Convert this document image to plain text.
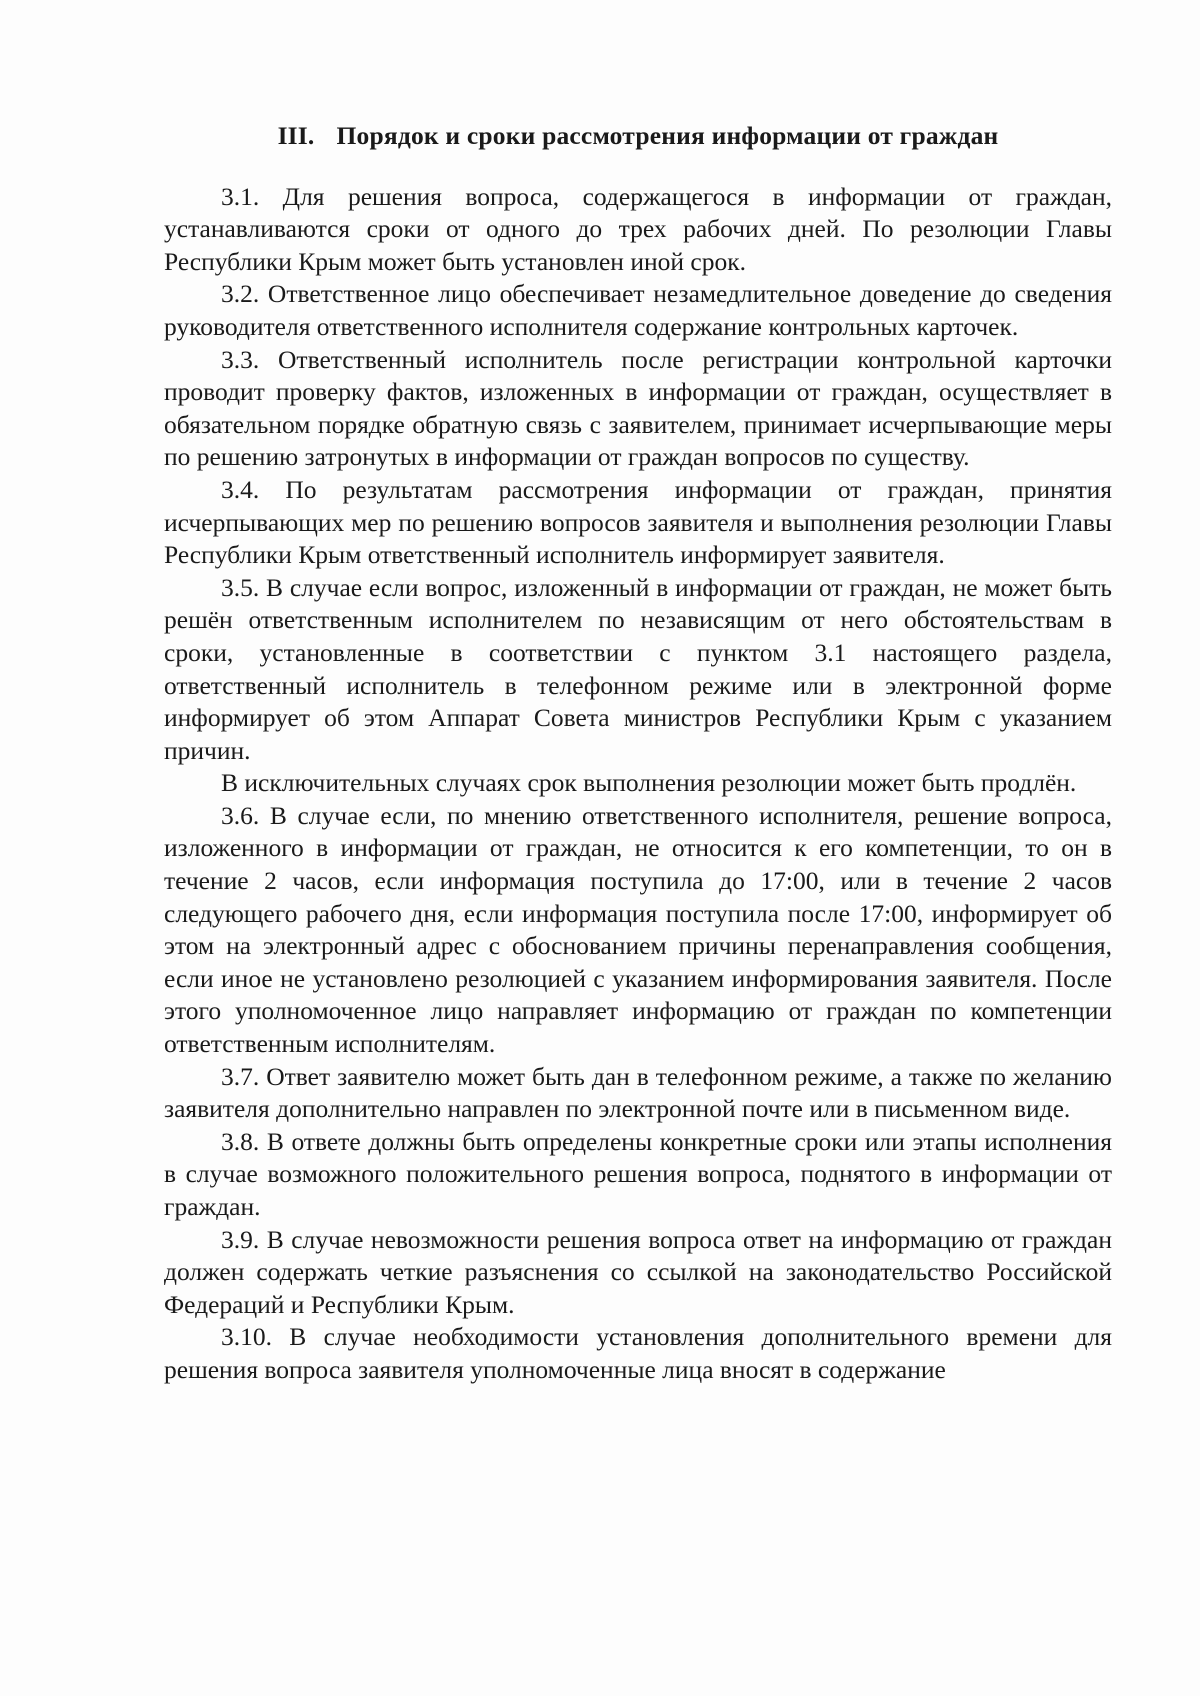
III. Порядок и сроки рассмотрения информации от граждан

3.1. Для решения вопроса, содержащегося в информации от граждан, устанавливаются сроки от одного до трех рабочих дней. По резолюции Главы Республики Крым может быть установлен иной срок.

3.2. Ответственное лицо обеспечивает незамедлительное доведение до сведения руководителя ответственного исполнителя содержание контрольных карточек.

3.3. Ответственный исполнитель после регистрации контрольной карточки проводит проверку фактов, изложенных в информации от граждан, осуществляет в обязательном порядке обратную связь с заявителем, принимает исчерпывающие меры по решению затронутых в информации от граждан вопросов по существу.

3.4. По результатам рассмотрения информации от граждан, принятия исчерпывающих мер по решению вопросов заявителя и выполнения резолюции Главы Республики Крым ответственный исполнитель информирует заявителя.

3.5. В случае если вопрос, изложенный в информации от граждан, не может быть решён ответственным исполнителем по независящим от него обстоятельствам в сроки, установленные в соответствии с пунктом 3.1 настоящего раздела, ответственный исполнитель в телефонном режиме или в электронной форме информирует об этом Аппарат Совета министров Республики Крым с указанием причин.

В исключительных случаях срок выполнения резолюции может быть продлён.

3.6. В случае если, по мнению ответственного исполнителя, решение вопроса, изложенного в информации от граждан, не относится к его компетенции, то он в течение 2 часов, если информация поступила до 17:00, или в течение 2 часов следующего рабочего дня, если информация поступила после 17:00, информирует об этом на электронный адрес с обоснованием причины перенаправления сообщения, если иное не установлено резолюцией с указанием информирования заявителя. После этого уполномоченное лицо направляет информацию от граждан по компетенции ответственным исполнителям.

3.7. Ответ заявителю может быть дан в телефонном режиме, а также по желанию заявителя дополнительно направлен по электронной почте или в письменном виде.

3.8. В ответе должны быть определены конкретные сроки или этапы исполнения в случае возможного положительного решения вопроса, поднятого в информации от граждан.

3.9. В случае невозможности решения вопроса ответ на информацию от граждан должен содержать четкие разъяснения со ссылкой на законодательство Российской Федераций и Республики Крым.

3.10. В случае необходимости установления дополнительного времени для решения вопроса заявителя уполномоченные лица вносят в содержание
